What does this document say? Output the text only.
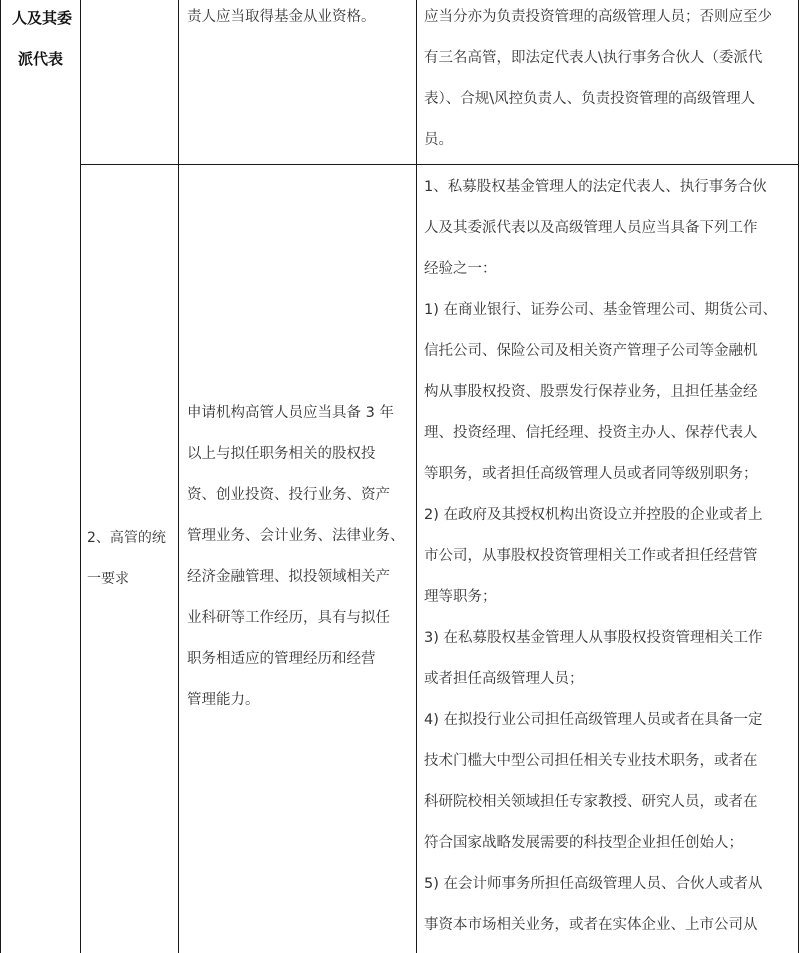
人及其委
派代表
责人应当取得基金从业资格。	应当分亦为负责投资管理的高级管理人员；否则应至少
有三名高管，即法定代表人\执行事务合伙人（委派代
表）、合规\风控负责人、负责投资管理的高级管理人
员。
2、高管的统
一要求
申请机构高管人员应当具备 3 年
以上与拟任职务相关的股权投
资、创业投资、投行业务、资产
管理业务、会计业务、法律业务、
经济金融管理、拟投领域相关产
业科研等工作经历，具有与拟任
职务相适应的管理经历和经营
管理能力。
1、私募股权基金管理人的法定代表人、执行事务合伙
人及其委派代表以及高级管理人员应当具备下列工作
经验之一：
1) 在商业银行、证券公司、基金管理公司、期货公司、
信托公司、保险公司及相关资产管理子公司等金融机
构从事股权投资、股票发行保荐业务，且担任基金经
理、投资经理、信托经理、投资主办人、保荐代表人
等职务，或者担任高级管理人员或者同等级别职务；
2) 在政府及其授权机构出资设立并控股的企业或者上
市公司，从事股权投资管理相关工作或者担任经营管
理等职务；
3) 在私募股权基金管理人从事股权投资管理相关工作
或者担任高级管理人员；
4) 在拟投行业公司担任高级管理人员或者在具备一定
技术门槛大中型公司担任相关专业技术职务，或者在
科研院校相关领域担任专家教授、研究人员，或者在
符合国家战略发展需要的科技型企业担任创始人；
5) 在会计师事务所担任高级管理人员、合伙人或者从
事资本市场相关业务，或者在实体企业、上市公司从
